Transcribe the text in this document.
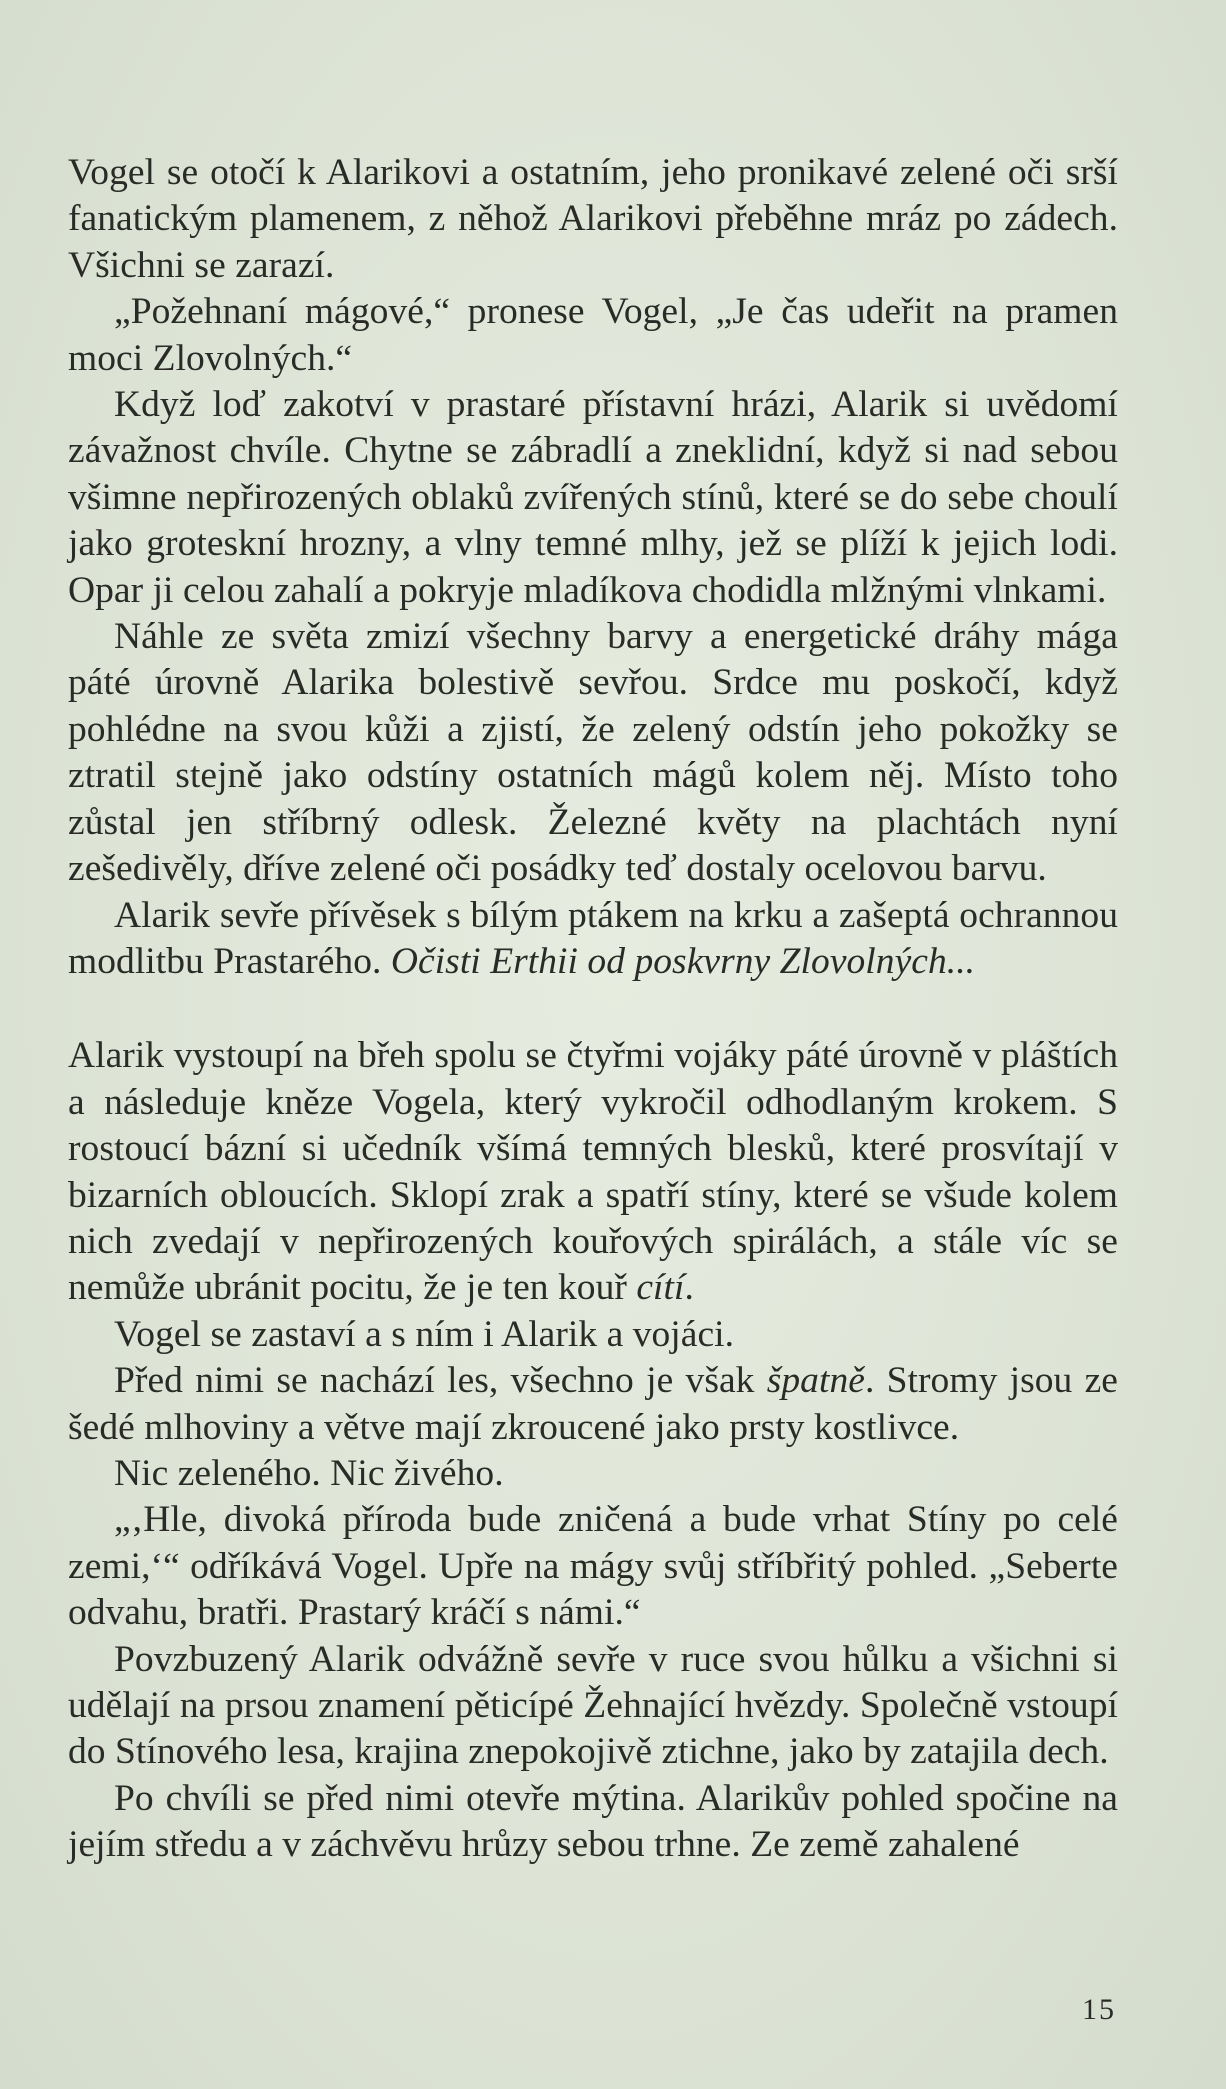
Vogel se otočí k Alarikovi a ostatním, jeho pronikavé zelené oči srší fanatickým plamenem, z něhož Alarikovi přeběhne mráz po zádech. Všichni se zarazí.

„Požehnaní mágové,“ pronese Vogel, „Je čas udeřit na pramen moci Zlovolných.“

Když loď zakotví v prastaré přístavní hrázi, Alarik si uvědomí závažnost chvíle. Chytne se zábradlí a zneklidní, když si nad sebou všimne nepřirozených oblaků zvířených stínů, které se do sebe choulí jako groteskní hrozny, a vlny temné mlhy, jež se plíží k jejich lodi. Opar ji celou zahalí a pokryje mladíkova chodidla mlžnými vlnkami.

Náhle ze světa zmizí všechny barvy a energetické dráhy mága páté úrovně Alarika bolestivě sevřou. Srdce mu poskočí, když pohlédne na svou kůži a zjistí, že zelený odstín jeho pokožky se ztratil stejně jako odstíny ostatních mágů kolem něj. Místo toho zůstal jen stříbrný odlesk. Železné květy na plachtách nyní zešedivěly, dříve zelené oči posádky teď dostaly ocelovou barvu.

Alarik sevře přívěsek s bílým ptákem na krku a zašeptá ochrannou modlitbu Prastarého. Očisti Erthii od poskvrny Zlovolných...

Alarik vystoupí na břeh spolu se čtyřmi vojáky páté úrovně v pláštích a následuje kněze Vogela, který vykročil odhodlaným krokem. S rostoucí bázní si učedník všímá temných blesků, které prosvítají v bizarních obloucích. Sklopí zrak a spatří stíny, které se všude kolem nich zvedají v nepřirozených kouřových spirálách, a stále víc se nemůže ubránit pocitu, že je ten kouř cítí.

Vogel se zastaví a s ním i Alarik a vojáci.

Před nimi se nachází les, všechno je však špatně. Stromy jsou ze šedé mlhoviny a větve mají zkroucené jako prsty kostlivce.

Nic zeleného. Nic živého.

„‚Hle, divoká příroda bude zničená a bude vrhat Stíny po celé zemi,‘“ odříkává Vogel. Upře na mágy svůj stříbřitý pohled. „Seberte odvahu, bratři. Prastarý kráčí s námi.“

Povzbuzený Alarik odvážně sevře v ruce svou hůlku a všichni si udělají na prsou znamení pěticípé Žehnající hvězdy. Společně vstoupí do Stínového lesa, krajina znepokojivě ztichne, jako by zatajila dech.

Po chvíli se před nimi otevře mýtina. Alarikův pohled spočine na jejím středu a v záchvěvu hrůzy sebou trhne. Ze země zahalené

15
